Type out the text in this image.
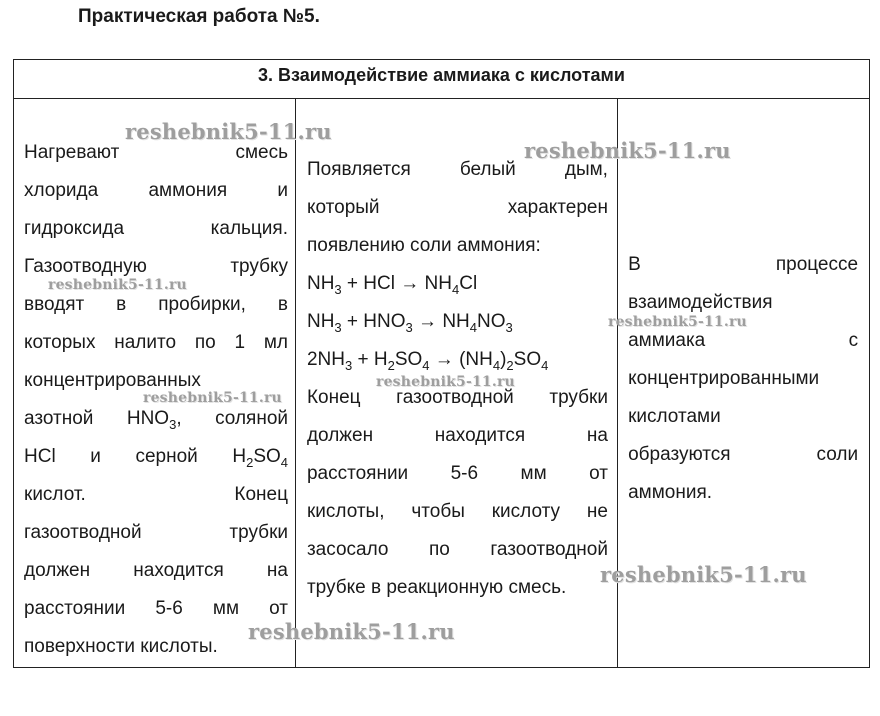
Практическая работа №5.
3. Взаимодействие аммиака с кислотами

Нагревают смесь
хлорида аммония и
гидроксида кальция.
Газоотводную трубку
вводят в пробирки, в
которых налито по 1 мл
концентрированных
азотной $HNO_3$, соляной
HCl и серной $H_2SO_4$
кислот. Конец
газоотводной трубки
должен находится на
расстоянии 5-6 мм от
поверхности кислоты.

Появляется белый дым,
который характерен
появлению соли аммония:
$NH_3$ + HCl → $NH_4Cl$
$NH_3 + HNO_3 \to NH_4NO_3$
$2NH_3 + H_2SO_4 \to (NH_4)_2SO_4$
Конец газоотводной трубки
должен находится на
расстоянии 5-6 мм от
кислоты, чтобы кислоту не
засосало по газоотводной
трубке в реакционную смесь.

В процессе
взаимодействия
аммиака с
концентрированными
кислотами
образуются соли
аммония.
reshebnik5-11.ru
reshebnik5-11.ru
reshebnik5-11.ru
reshebnik5-11.ru
reshebnik5-11.ru
reshebnik5-11.ru
reshebnik5-11.ru
reshebnik5-11.ru
